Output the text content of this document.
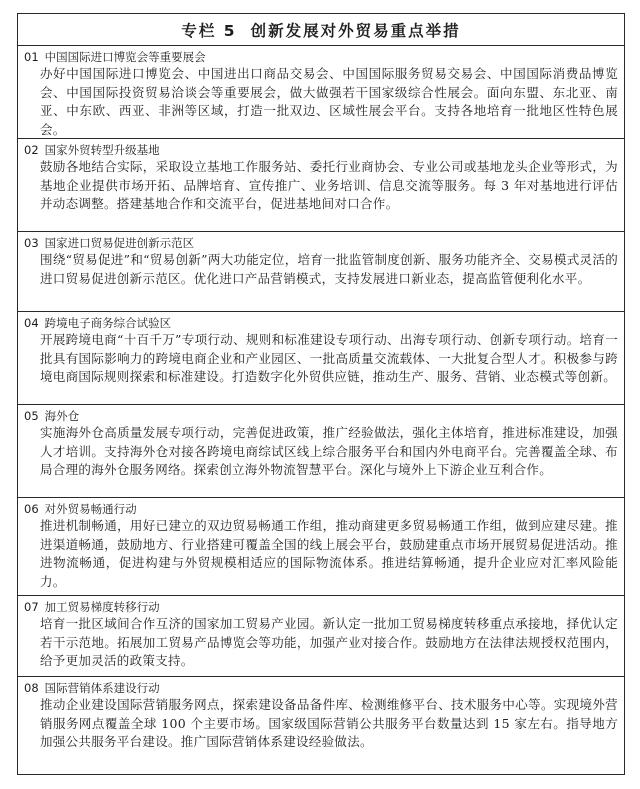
专栏 5 创新发展对外贸易重点举措
01 中国国际进口博览会等重要展会
办好中国国际进口博览会、中国进出口商品交易会、中国国际服务贸易交易会、中国国际消费品博览会、中国国际投资贸易洽谈会等重要展会，做大做强若干国家级综合性展会。面向东盟、东北亚、南亚、中东欧、西亚、非洲等区域，打造一批双边、区域性展会平台。支持各地培育一批地区性特色展会。
02 国家外贸转型升级基地
鼓励各地结合实际，采取设立基地工作服务站、委托行业商协会、专业公司或基地龙头企业等形式，为基地企业提供市场开拓、品牌培育、宣传推广、业务培训、信息交流等服务。每 3 年对基地进行评估并动态调整。搭建基地合作和交流平台，促进基地间对口合作。
03 国家进口贸易促进创新示范区
围绕“贸易促进”和“贸易创新”两大功能定位，培育一批监管制度创新、服务功能齐全、交易模式灵活的进口贸易促进创新示范区。优化进口产品营销模式，支持发展进口新业态，提高监管便利化水平。
04 跨境电子商务综合试验区
开展跨境电商“十百千万”专项行动、规则和标准建设专项行动、出海专项行动、创新专项行动。培育一批具有国际影响力的跨境电商企业和产业园区、一批高质量交流载体、一大批复合型人才。积极参与跨境电商国际规则探索和标准建设。打造数字化外贸供应链，推动生产、服务、营销、业态模式等创新。
05 海外仓
实施海外仓高质量发展专项行动，完善促进政策，推广经验做法，强化主体培育，推进标准建设，加强人才培训。支持海外仓对接各跨境电商综试区线上综合服务平台和国内外电商平台。完善覆盖全球、布局合理的海外仓服务网络。探索创立海外物流智慧平台。深化与境外上下游企业互利合作。
06 对外贸易畅通行动
推进机制畅通，用好已建立的双边贸易畅通工作组，推动商建更多贸易畅通工作组，做到应建尽建。推进渠道畅通，鼓励地方、行业搭建可覆盖全国的线上展会平台，鼓励建重点市场开展贸易促进活动。推进物流畅通，促进构建与外贸规模相适应的国际物流体系。推进结算畅通，提升企业应对汇率风险能力。
07 加工贸易梯度转移行动
培育一批区域间合作互济的国家加工贸易产业园。新认定一批加工贸易梯度转移重点承接地，择优认定若干示范地。拓展加工贸易产品博览会等功能，加强产业对接合作。鼓励地方在法律法规授权范围内，给予更加灵活的政策支持。
08 国际营销体系建设行动
推动企业建设国际营销服务网点，探索建设备品备件库、检测维修平台、技术服务中心等。实现境外营销服务网点覆盖全球 100 个主要市场。国家级国际营销公共服务平台数量达到 15 家左右。指导地方加强公共服务平台建设。推广国际营销体系建设经验做法。
